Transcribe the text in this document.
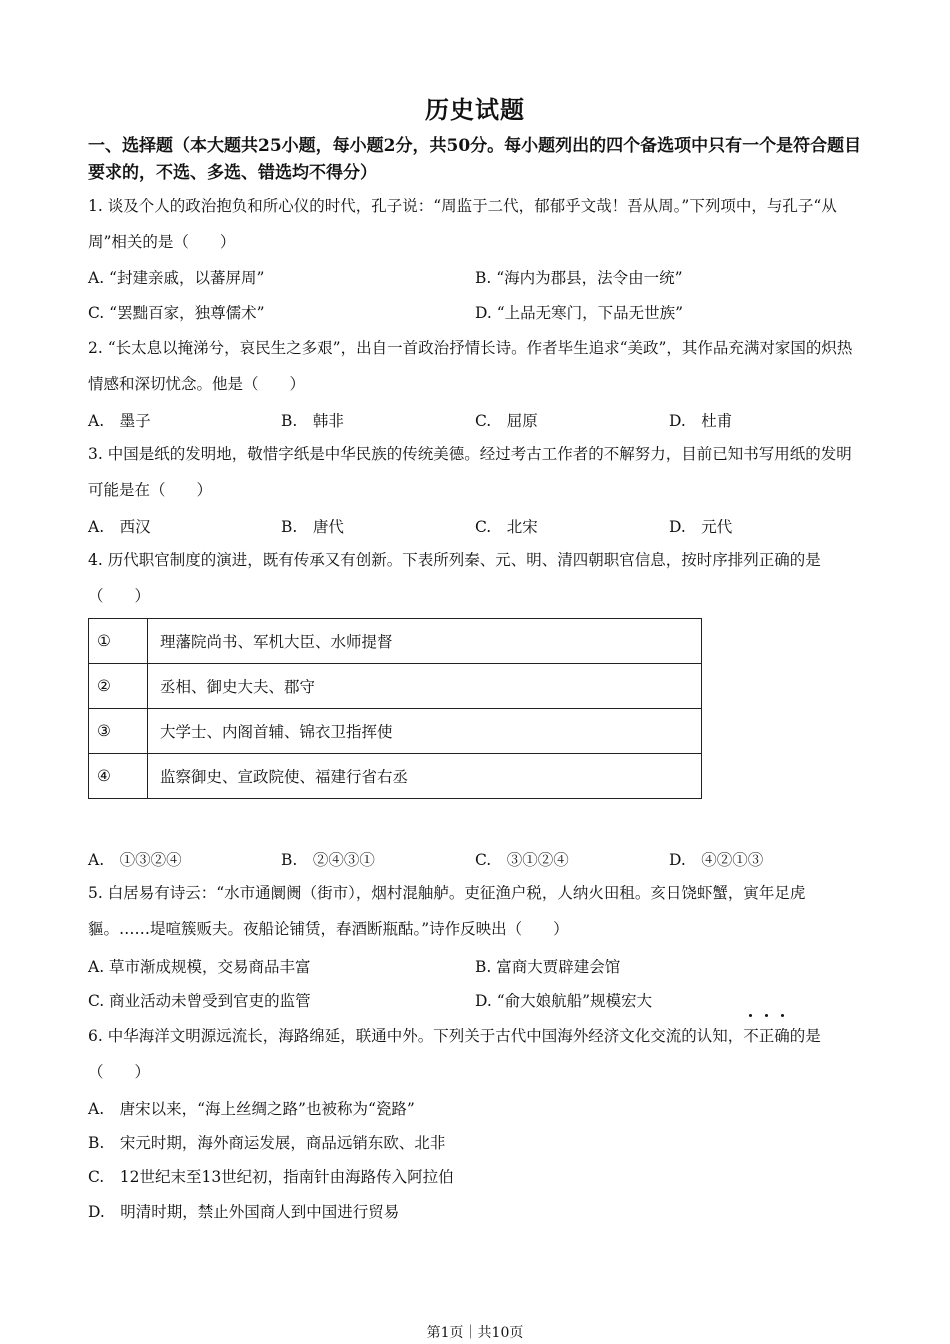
历史试题
一、选择题（本大题共25小题，每小题2分，共50分。每小题列出的四个备选项中只有一个是符合题目要求的，不选、多选、错选均不得分）
1. 谈及个人的政治抱负和所心仪的时代，孔子说：“周监于二代，郁郁乎文哉！吾从周。”下列项中，与孔子“从周”相关的是（　　）
A. “封建亲戚，以蕃屏周”	B. “海内为郡县，法令由一统”
C. “罢黜百家，独尊儒术”	D. “上品无寒门，下品无世族”
2. “长太息以掩涕兮，哀民生之多艰”，出自一首政治抒情长诗。作者毕生追求“美政”，其作品充满对家国的炽热情感和深切忧念。他是（　　）
A.　墨子	B.　韩非	C.　屈原	D.　杜甫
3. 中国是纸的发明地，敬惜字纸是中华民族的传统美德。经过考古工作者的不解努力，目前已知书写用纸的发明可能是在（　　）
A.　西汉	B.　唐代	C.　北宋	D.　元代
4. 历代职官制度的演进，既有传承又有创新。下表所列秦、元、明、清四朝职官信息，按时序排列正确的是（　　）
①	理藩院尚书、军机大臣、水师提督
②	丞相、御史大夫、郡守
③	大学士、内阁首辅、锦衣卫指挥使
④	监察御史、宣政院使、福建行省右丞
A.　①③②④	B.　②④③①	C.　③①②④	D.　④②①③
5. 白居易有诗云：“水市通阛阓（街市），烟村混舳舻。吏征渔户税，人纳火田租。亥日饶虾蟹，寅年足虎貙。……堤喧簇贩夫。夜船论铺赁，春酒断瓶酤。”诗作反映出（　　）
A. 草市渐成规模，交易商品丰富	B. 富商大贾辟建会馆
C. 商业活动未曾受到官吏的监管	D. “俞大娘航船”规模宏大
6. 中华海洋文明源远流长，海路绵延，联通中外。下列关于古代中国海外经济文化交流的认知，不正确的是（　　）
A.　唐宋以来，“海上丝绸之路”也被称为“瓷路”
B.　宋元时期，海外商运发展，商品远销东欧、北非
C.　12世纪末至13世纪初，指南针由海路传入阿拉伯
D.　明清时期，禁止外国商人到中国进行贸易
第1页｜共10页
